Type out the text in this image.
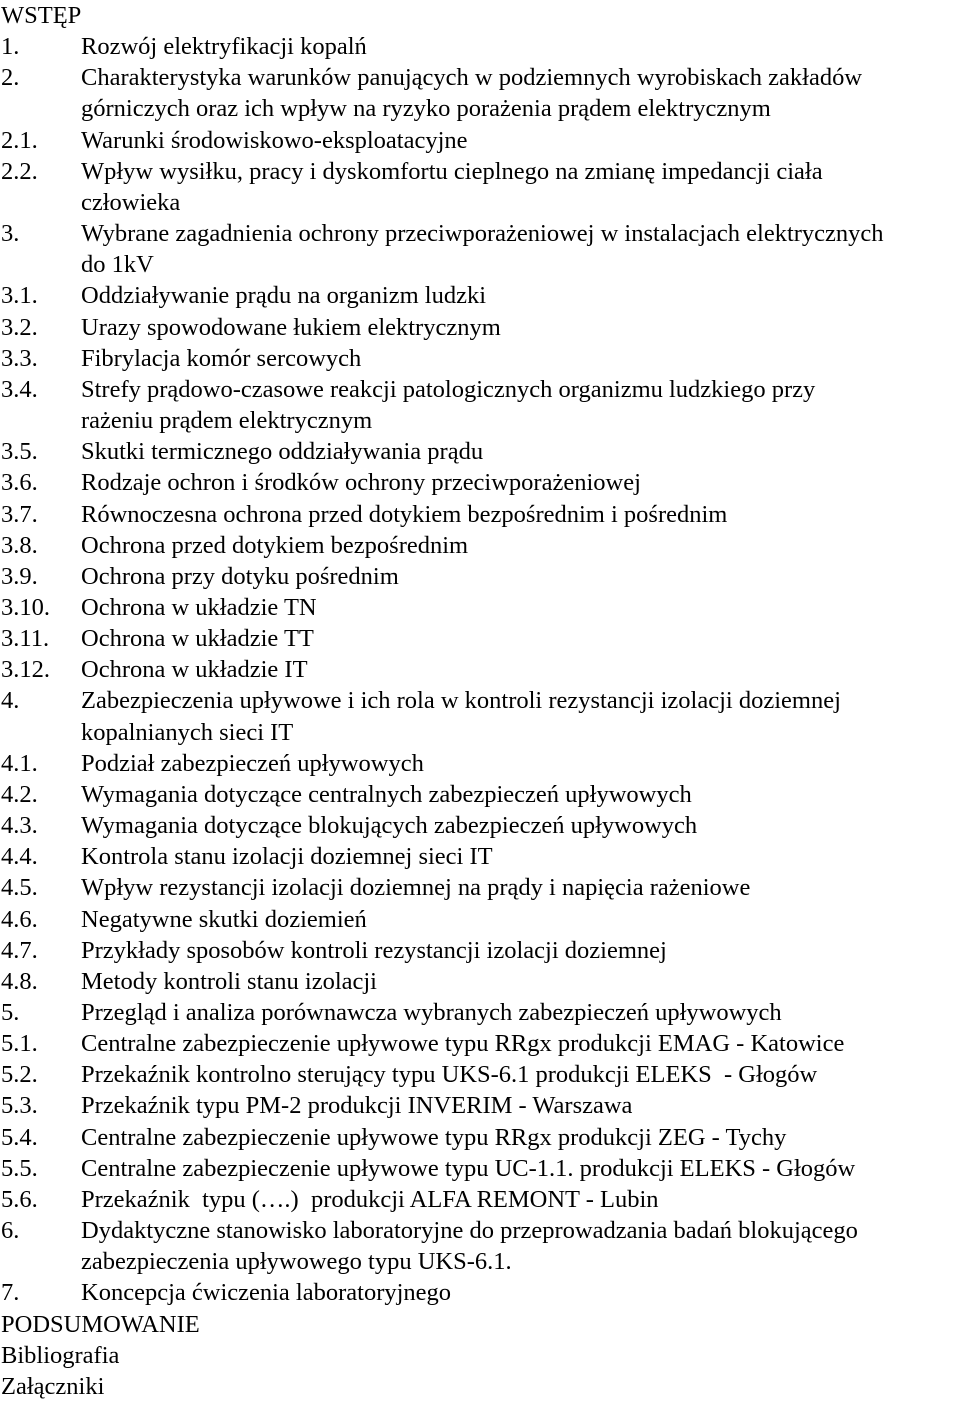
WSTĘP
1.	Rozwój elektryfikacji kopalń
2.	Charakterystyka warunków panujących w podziemnych wyrobiskach zakładów
górniczych oraz ich wpływ na ryzyko porażenia prądem elektrycznym
2.1. Warunki środowiskowo-eksploatacyjne
2.2. Wpływ wysiłku, pracy i dyskomfortu cieplnego na zmianę impedancji ciała
człowieka
3.	Wybrane zagadnienia ochrony przeciwporażeniowej w instalacjach elektrycznych
do 1kV
3.1. Oddziaływanie prądu na organizm ludzki
3.2. Urazy spowodowane łukiem elektrycznym
3.3. Fibrylacja komór sercowych
3.4. Strefy prądowo-czasowe reakcji patologicznych organizmu ludzkiego przy
rażeniu prądem elektrycznym
3.5. Skutki termicznego oddziaływania prądu
3.6. Rodzaje ochron i środków ochrony przeciwporażeniowej
3.7. Równoczesna ochrona przed dotykiem bezpośrednim i pośrednim
3.8. Ochrona przed dotykiem bezpośrednim
3.9. Ochrona przy dotyku pośrednim
3.10. Ochrona w układzie TN
3.11. Ochrona w układzie TT
3.12. Ochrona w układzie IT
4.	Zabezpieczenia upływowe i ich rola w kontroli rezystancji izolacji doziemnej
kopalnianych sieci IT
4.1. Podział zabezpieczeń upływowych
4.2. Wymagania dotyczące centralnych zabezpieczeń upływowych
4.3. Wymagania dotyczące blokujących zabezpieczeń upływowych
4.4. Kontrola stanu izolacji doziemnej sieci IT
4.5. Wpływ rezystancji izolacji doziemnej na prądy i napięcia rażeniowe
4.6. Negatywne skutki doziemień
4.7. Przykłady sposobów kontroli rezystancji izolacji doziemnej
4.8. Metody kontroli stanu izolacji
5.	Przegląd i analiza porównawcza wybranych zabezpieczeń upływowych
5.1. Centralne zabezpieczenie upływowe typu RRgx produkcji EMAG - Katowice
5.2. Przekaźnik kontrolno sterujący typu UKS-6.1 produkcji ELEKS  - Głogów
5.3. Przekaźnik typu PM-2 produkcji INVERIM - Warszawa
5.4. Centralne zabezpieczenie upływowe typu RRgx produkcji ZEG - Tychy
5.5. Centralne zabezpieczenie upływowe typu UC-1.1. produkcji ELEKS - Głogów
5.6. Przekaźnik  typu (….)  produkcji ALFA REMONT - Lubin
6.	Dydaktyczne stanowisko laboratoryjne do przeprowadzania badań blokującego
zabezpieczenia upływowego typu UKS-6.1.
7.	Koncepcja ćwiczenia laboratoryjnego
PODSUMOWANIE
Bibliografia
Załączniki
